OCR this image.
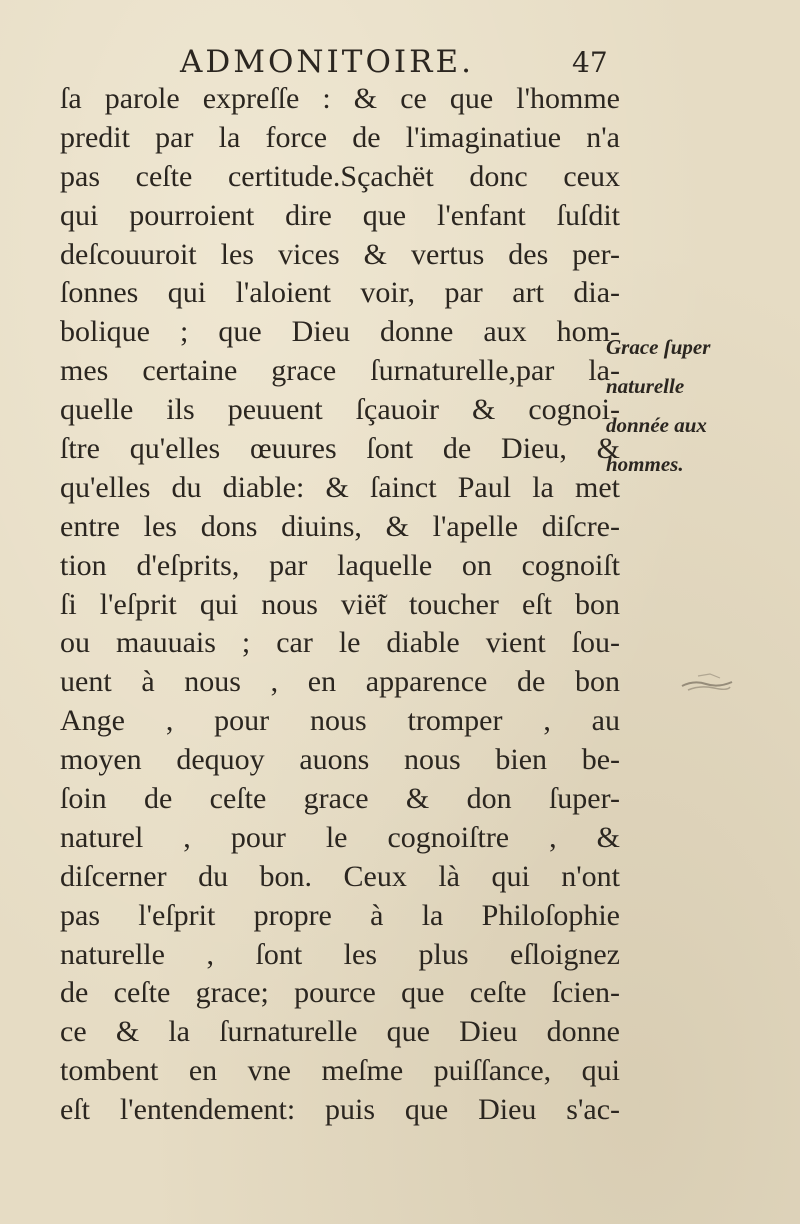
ADMONITOIRE.	47
ſa parole expreſſe : & ce que l'homme
predit par la force de l'imaginatiue n'a
pas ceſte certitude.Sçachët donc ceux
qui pourroient dire que l'enfant ſuſdit
deſcouuroit les vices & vertus des per-
ſonnes qui l'aloient voir, par art dia-
bolique ; que Dieu donne aux hom-
mes certaine grace ſurnaturelle,par la-
quelle ils peuuent ſçauoir & cognoi-
ſtre qu'elles œuures ſont de Dieu, &
qu'elles du diable: & ſainct Paul la met
entre les dons diuins, & l'apelle diſcre-
tion d'eſprits, par laquelle on cognoiſt
ſi l'eſprit qui nous vië̃t toucher eſt bon
ou mauuais ; car le diable vient ſou-
uent à nous , en apparence de bon
Ange , pour nous tromper , au
moyen dequoy auons nous bien be-
ſoin de ceſte grace & don ſuper-
naturel , pour le cognoiſtre , &
diſcerner du bon. Ceux là qui n'ont
pas l'eſprit propre à la Philoſophie
naturelle , ſont les plus eſloignez
de ceſte grace; pource que ceſte ſcien-
ce & la ſurnaturelle que Dieu donne
tombent en vne meſme puiſſance, qui
eſt l'entendement: puis que Dieu s'ac-
Grace ſuper
naturelle
donnée aux
hommes.
